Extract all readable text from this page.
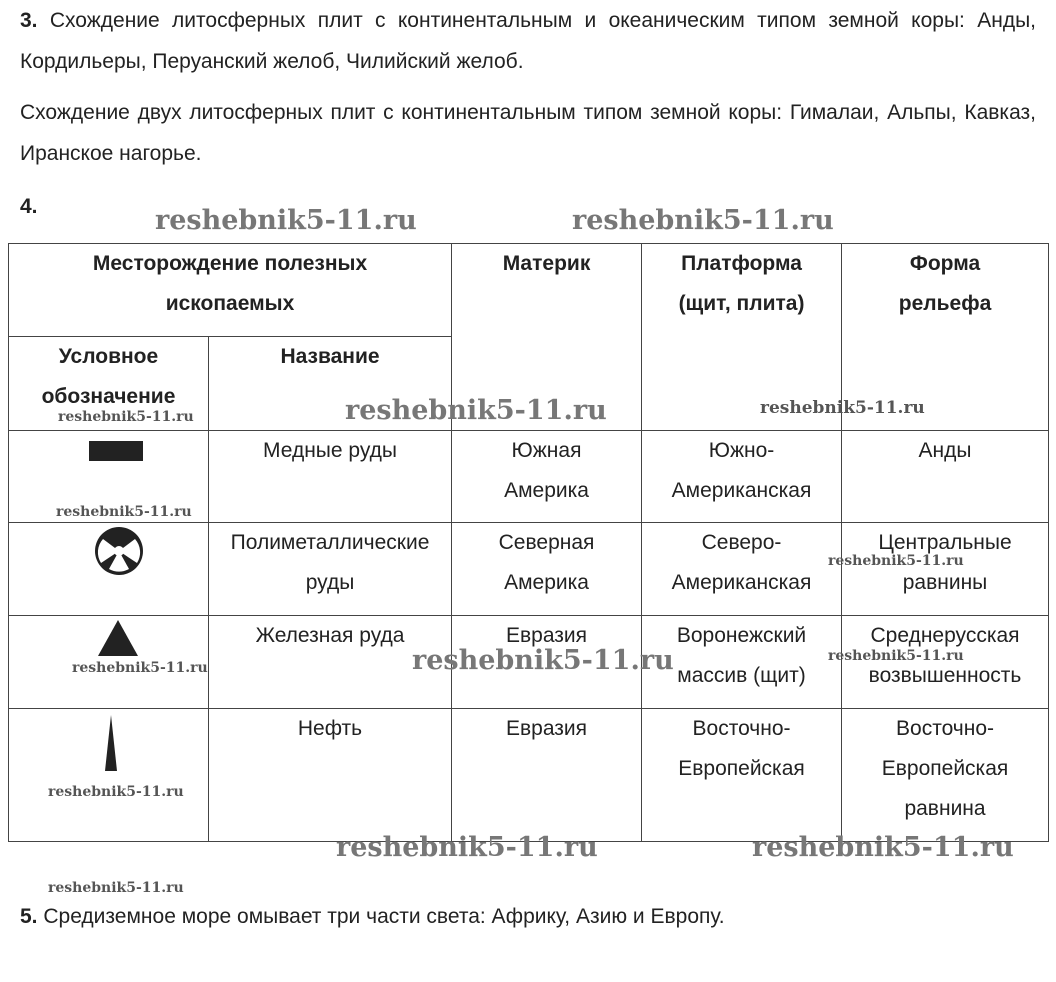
3. Схождение литосферных плит с континентальным и океаническим типом земной коры: Анды, Кордильеры, Перуанский желоб, Чилийский желоб.
Схождение двух литосферных плит с континентальным типом земной коры: Гималаи, Альпы, Кавказ, Иранское нагорье.
4.
Месторождение полезных ископаемых		Материк	Платформа (щит, плита)	Форма рельефа
Условное обозначение	Название			

	Медные руды	Южная Америка	Южно-Американская	Анды

	Полиметаллические руды	Северная Америка	Северо-Американская	Центральные равнины

	Железная руда	Евразия	Воронежский массив (щит)	Среднерусская возвышенность

	Нефть	Евразия	Восточно-Европейская	Восточно-Европейская равнина
5. Средиземное море омывает три части света: Африку, Азию и Европу.
reshebnik5-11.ru	reshebnik5-11.ru
reshebnik5-11.ru	reshebnik5-11.ru
reshebnik5-11.ru
reshebnik5-11.ru
reshebnik5-11.ru
reshebnik5-11.ru
reshebnik5-11.ru
reshebnik5-11.ru
reshebnik5-11.ru
reshebnik5-11.ru	reshebnik5-11.ru
reshebnik5-11.ru
